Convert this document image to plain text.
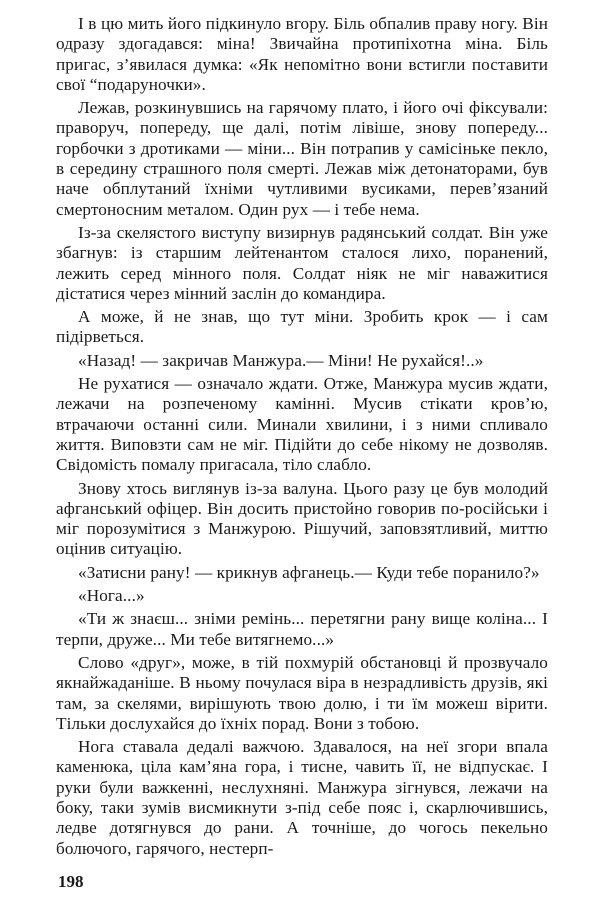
І в цю мить його підкинуло вгору. Біль обпалив праву ногу. Він одразу здогадався: міна! Звичайна протипіхотна міна. Біль пригас, з’явилася думка: «Як непомітно вони встигли поставити свої “подаруночки».

Лежав, розкинувшись на гарячому плато, і його очі фіксували: праворуч, попереду, ще далі, потім лівіше, знову попереду... горбочки з дротиками — міни... Він потрапив у самісіньке пекло, в середину страшного поля смерті. Лежав між детонаторами, був наче обплутаний їхніми чутливими вусиками, перев’язаний смертоносним металом. Один рух — і тебе нема.

Із-за скелястого виступу визирнув радянський солдат. Він уже збагнув: із старшим лейтенантом сталося лихо, поранений, лежить серед мінного поля. Солдат ніяк не міг наважитися дістатися через мінний заслін до командира.

А може, й не знав, що тут міни. Зробить крок — і сам підірветься.

«Назад! — закричав Манжура.— Міни! Не рухайся!..»

Не рухатися — означало ждати. Отже, Манжура мусив ждати, лежачи на розпеченому камінні. Мусив стікати кров’ю, втрачаючи останні сили. Минали хвилини, і з ними спливало життя. Виповзти сам не міг. Підійти до себе нікому не дозволяв. Свідомість помалу пригасала, тіло слабло.

Знову хтось виглянув із-за валуна. Цього разу це був молодий афганський офіцер. Він досить пристойно говорив по-російськи і міг порозумітися з Манжурою. Рішучий, заповзятливий, миттю оцінив ситуацію.

«Затисни рану! — крикнув афганець.— Куди тебе поранило?»

«Нога...»

«Ти ж знаєш... зніми ремінь... перетягни рану вище коліна... І терпи, друже... Ми тебе витягнемо...»

Слово «друг», може, в тій похмурій обстановці й прозвучало якнайжаданіше. В ньому почулася віра в незрадливість друзів, які там, за скелями, вирішують твою долю, і ти їм можеш вірити. Тільки дослухайся до їхніх порад. Вони з тобою.

Нога ставала дедалі важчою. Здавалося, на неї згори впала каменюка, ціла кам’яна гора, і тисне, чавить її, не відпускає. І руки були важкенні, неслухняні. Манжура зігнувся, лежачи на боку, таки зумів висмикнути з-під себе пояс і, скарлючившись, ледве дотягнувся до рани. А точніше, до чогось пекельно болючого, гарячого, нестерп-

198
